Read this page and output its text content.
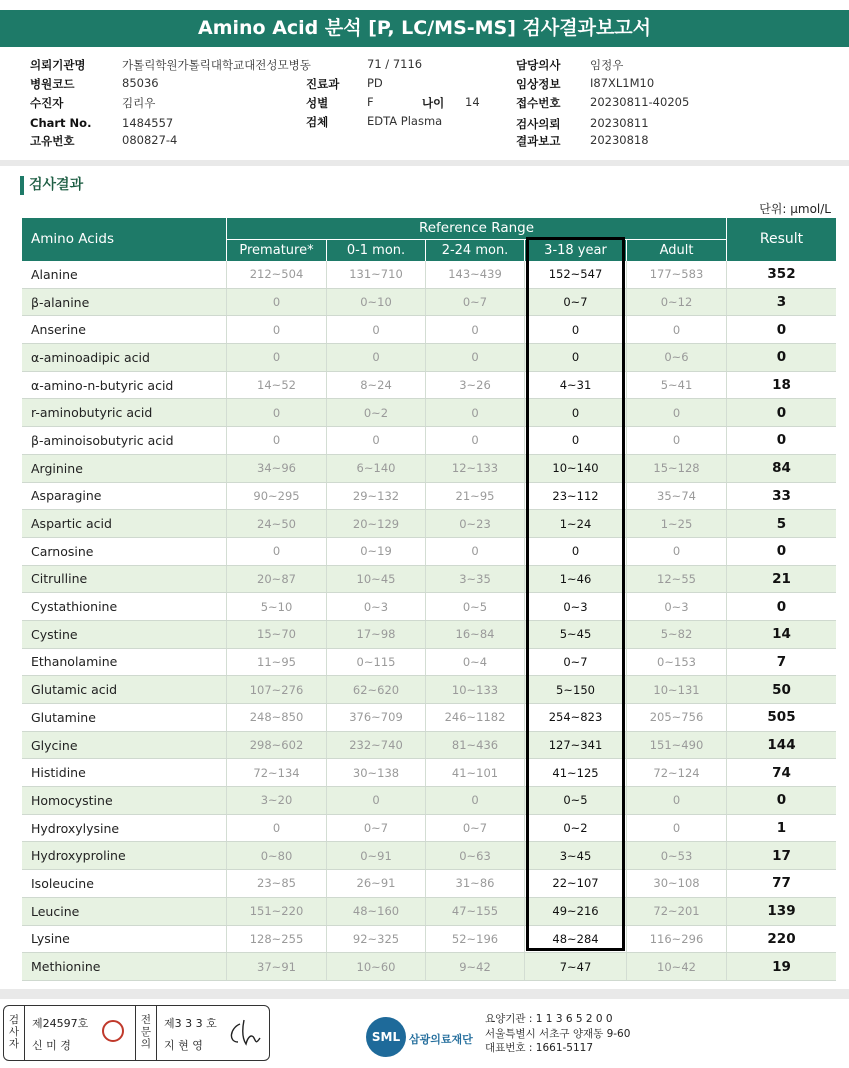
Amino Acid 분석 [P, LC/MS-MS] 검사결과보고서
의뢰기관명	가톨릭학원가톨릭대학교대전성모병동
병원코드	85036
수진자	김리우
Chart No.	1484557
고유번호	080827-4
71 / 7116
진료과 PD
성별	F	나이 14
검체	EDTA Plasma
담당의사	임정우
임상정보	I87XL1M10
접수번호	20230811-40205
검사의뢰	20230811
결과보고	20230818
검사결과
단위: μmol/L
Amino Acids
Reference Range
Premature*	0-1 mon.	2-24 mon.	3-18 year	Adult
Result
Alanine	212~504	131~710	143~439	152~547	177~583	352
β-alanine	0	0~10	0~7	0~7	0~12	3
Anserine	0	0	0	0	0	0
α-aminoadipic acid	0	0	0	0	0~6	0
α-amino-n-butyric acid	14~52	8~24	3~26	4~31	5~41	18
r-aminobutyric acid	0	0~2	0	0	0	0
β-aminoisobutyric acid	0	0	0	0	0	0
Arginine	34~96	6~140	12~133	10~140	15~128	84
Asparagine	90~295	29~132	21~95	23~112	35~74	33
Aspartic acid	24~50	20~129	0~23	1~24	1~25	5
Carnosine	0	0~19	0	0	0	0
Citrulline	20~87	10~45	3~35	1~46	12~55	21
Cystathionine	5~10	0~3	0~5	0~3	0~3	0
Cystine	15~70	17~98	16~84	5~45	5~82	14
Ethanolamine	11~95	0~115	0~4	0~7	0~153	7
Glutamic acid	107~276	62~620	10~133	5~150	10~131	50
Glutamine	248~850	376~709	246~1182	254~823	205~756	505
Glycine	298~602	232~740	81~436	127~341	151~490	144
Histidine	72~134	30~138	41~101	41~125	72~124	74
Homocystine	3~20	0	0	0~5	0	0
Hydroxylysine	0	0~7	0~7	0~2	0	1
Hydroxyproline	0~80	0~91	0~63	3~45	0~53	17
Isoleucine	23~85	26~91	31~86	22~107	30~108	77
Leucine	151~220	48~160	47~155	49~216	72~201	139
Lysine	128~255	92~325	52~196	48~284	116~296	220
Methionine	37~91	10~60	9~42	7~47	10~42	19
검
사
자
제24597호
신 미 경
전
문
의
제3 3 3 호
지 현 영
SML 삼광의료재단
요양기관 : 1 1 3 6 5 2 0 0
서울특별시 서초구 양재동 9-60
대표번호 : 1661-5117
